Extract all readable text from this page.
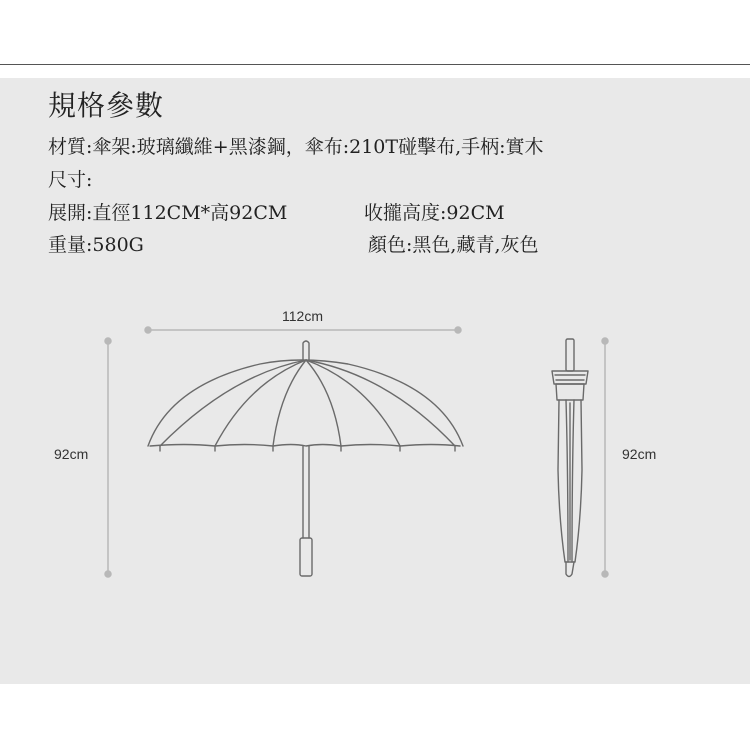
規格參數
材質:傘架:玻璃纖維+黑漆鋼，傘布:210T碰擊布,手柄:實木
尺寸:
展開:直徑112CM*高92CM	收攏高度:92CM
重量:580G	顏色:黑色,藏青,灰色
112cm
92cm	92cm
